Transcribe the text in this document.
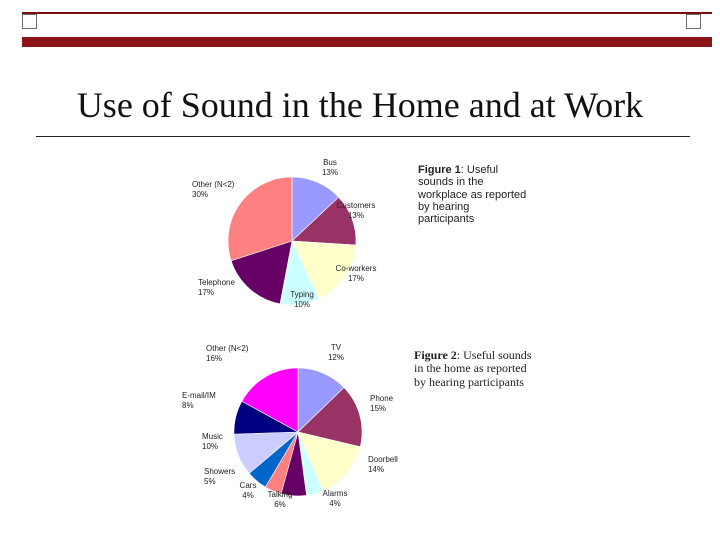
Use of Sound in the Home and at Work
Bus
13%
Customers
13%
Co-workers
17%
Typing
10%
Telephone
17%
Other (N<2)
30%
Figure 1: Useful sounds in the workplace as reported by hearing participants
TV
12%
Phone
15%
Doorbell
14%
Alarms
4%
Talking
6%
Cars
4%
Showers
5%
Music
10%
E-mail/IM
8%
Other (N<2)
16%	Figure 2: Useful sounds in the home as reported by hearing participants
